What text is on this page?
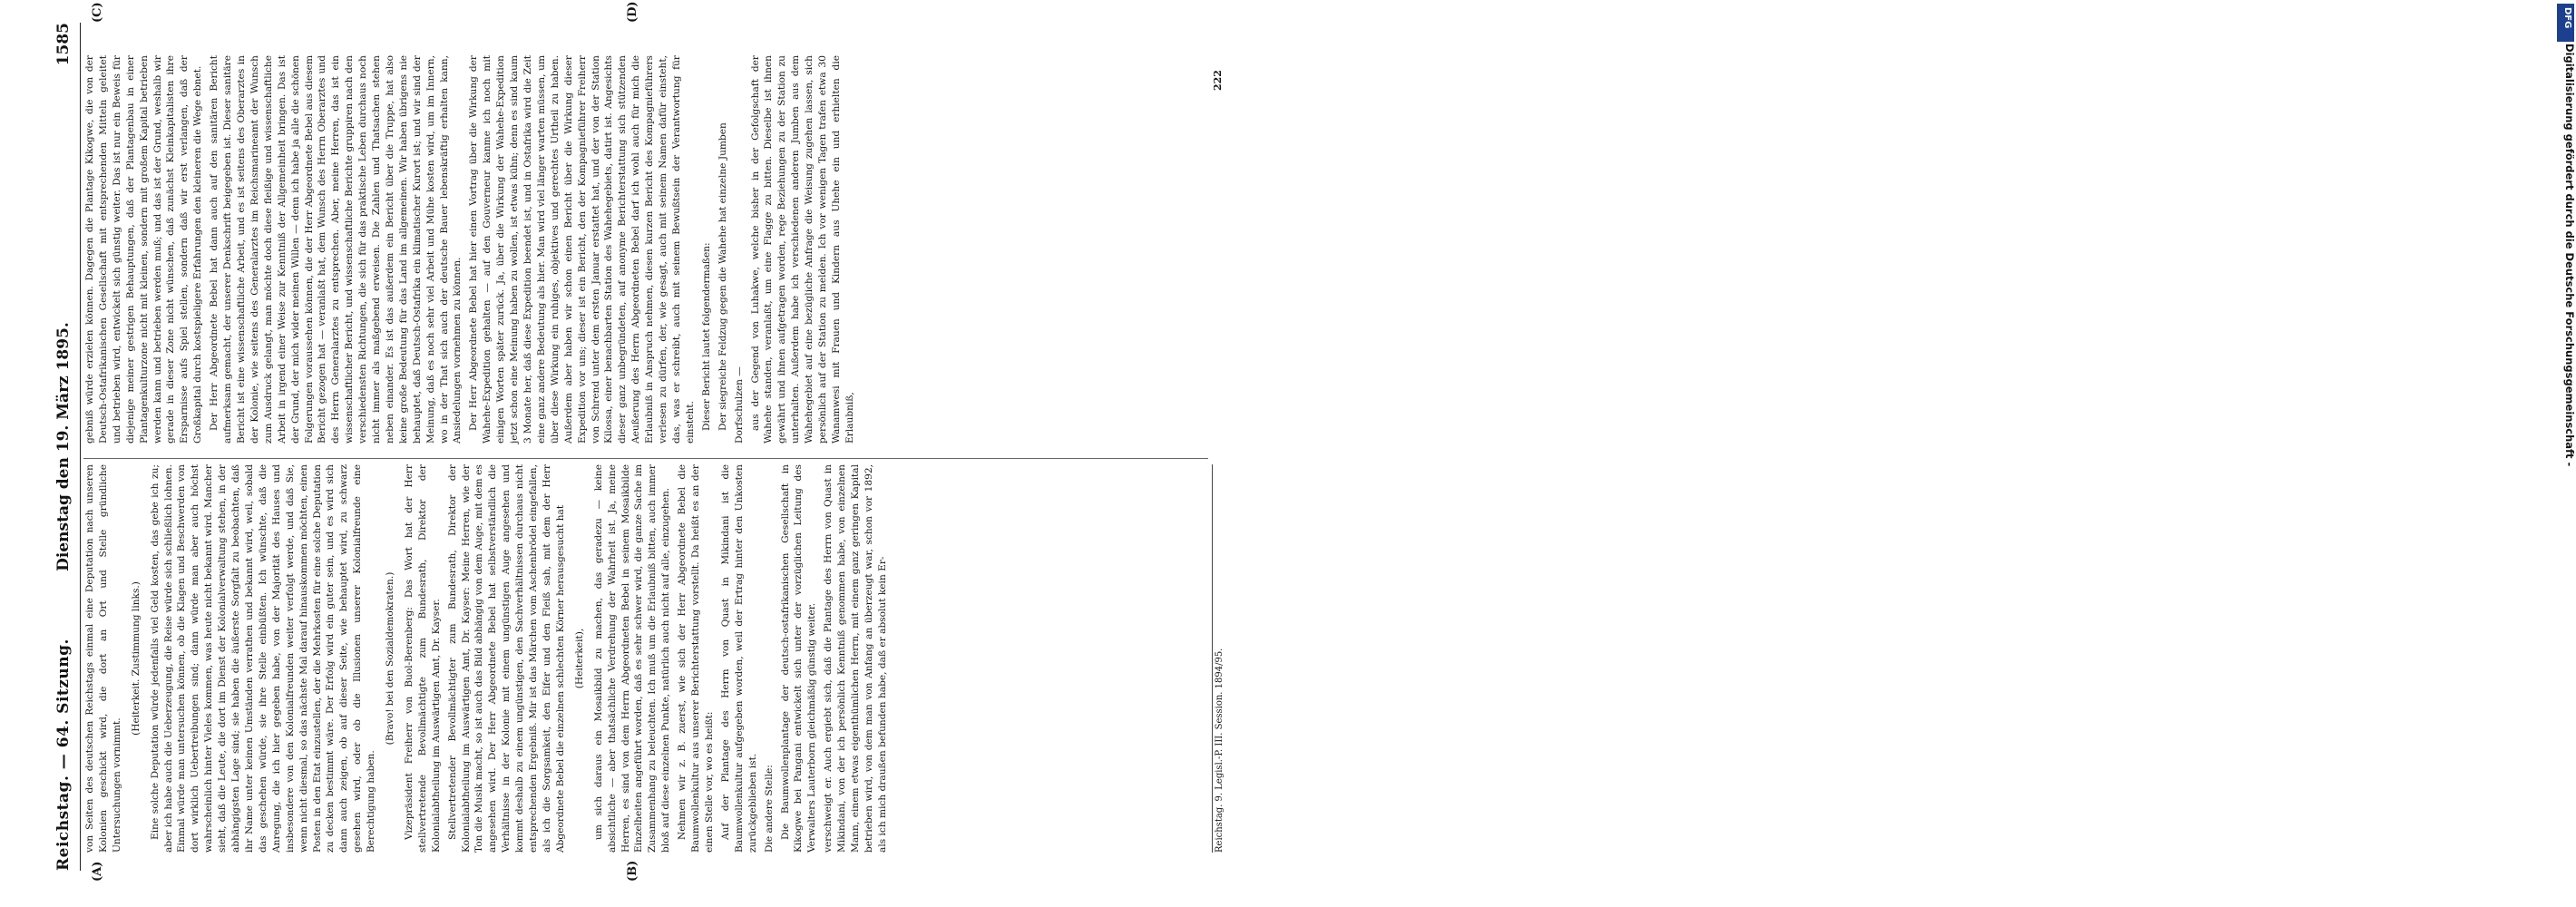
Reichstag. — 64. Sitzung.
Dienstag den 19. März 1895.
1585
(A)	(B)
(C)	(D)

von Seiten des deutschen Reichstags einmal eine Deputation nach unseren Kolonien geschickt wird, die dort an Ort und Stelle gründliche Untersuchungen vornimmt.

(Heiterkeit. Zustimmung links.) Eine solche Deputation würde jedenfalls viel Geld kosten, das gebe ich zu; aber ich habe auch die Ueberzeugung, die Reise würde sich schließlich lohnen. Einmal würde man untersuchen können, ob die Klagen und Beschwerden von dort wirklich Uebertreibungen sind; dann würde man aber auch höchst wahrscheinlich hinter Vieles kommen, was heute nicht bekannt wird. Mancher sieht, daß die Leute, die dort im Dienst der Kolonialverwaltung stehen, in der abhängigsten Lage sind; sie haben die äußerste Sorgfalt zu beobachten, daß ihr Name unter keinen Umständen verrathen und bekannt wird, weil, sobald das geschehen würde, sie ihre Stelle einbüßten. Ich wünschte, daß die Anregung, die ich hier gegeben habe, von der Majorität des Hauses und insbesondere von den Kolonialfreunden weiter verfolgt werde, und daß Sie, wenn nicht diesmal, so das nächste Mal darauf hinauskommen möchten, einen Posten in den Etat einzustellen, der die Mehrkosten für eine solche Deputation zu decken bestimmt wäre. Der Erfolg wird ein guter sein, und es wird sich dann auch zeigen, ob auf dieser Seite, wie behauptet wird, zu schwarz gesehen wird, oder ob die Illusionen unserer Kolonialfreunde eine Berechtigung haben.

(Bravo! bei den Sozialdemokraten.) Vizepräsident Freiherr von Buol-Berenberg: Das Wort hat der Herr stellvertretende Bevollmächtigte zum Bundesrath, Direktor der Kolonialabtheilung im Auswärtigen Amt, Dr. Kayser. Stellvertretender Bevollmächtigter zum Bundesrath, Direktor der Kolonialabtheilung im Auswärtigen Amt, Dr. Kayser: Meine Herren, wie der Ton die Musik macht, so ist auch das Bild abhängig von dem Auge, mit dem es angesehen wird. Der Herr Abgeordnete Bebel hat selbstverständlich die Verhältnisse in der Kolonie mit einem ungünstigen Auge angesehen und kommt deshalb zu einem ungünstigen, den Sachverhältnissen durchaus nicht entsprechenden Ergebniß. Mir ist das Märchen vom Aschenbrödel eingefallen, als ich die Sorgsamkeit, den Eifer und den Fleiß sah, mit dem der Herr Abgeordnete Bebel die einzelnen schlechten Körner herausgesucht hat (Heiterkeit), um sich daraus ein Mosaikbild zu machen, das geradezu — keine absichtliche — aber thatsächliche Verdrehung der Wahrheit ist. Ja, meine Herren, es sind von dem Herrn Abgeordneten Bebel in seinem Mosaikbilde Einzelheiten angeführt worden, daß es sehr schwer wird, die ganze Sache im Zusammenhang zu beleuchten. Ich muß um die Erlaubniß bitten, auch immer bloß auf diese einzelnen Punkte, natürlich auch nicht auf alle, einzugehen. Nehmen wir z. B. zuerst, wie sich der Herr Abgeordnete Bebel die Baumwollenkultur aus unserer Berichterstattung vorstellt. Da heißt es an der einen Stelle vor, wo es heißt: Auf der Plantage des Herrn von Quast in Mikindani ist die Baumwollenkultur aufgegeben worden, weil der Ertrag hinter den Unkosten zurückgeblieben ist. Die andere Stelle: Die Baumwollenplantage der deutsch-ostafrikanischen Gesellschaft in Kikogwe bei Pangani entwickelt sich unter der vorzüglichen Leitung des Verwalters Lauterborn gleichmäßig günstig weiter. verschweigt er. Auch ergiebt sich, daß die Plantage des Herrn von Quast in Mikindani, von der ich persönlich Kenntniß genommen habe, von einzelnen Mann, einem etwas eigenthümlichen Herrn, mit einem ganz geringen Kapital betrieben wird, von dem man von Anfang an überzeugt war, schon vor 1892, als ich mich draußen befunden habe, daß er absolut kein Er-

gebniß würde erzielen können. Dagegen die Plantage Kikogwe, die von der Deutsch-Ostafrikanischen Gesellschaft mit entsprechenden Mitteln geleitet und betrieben wird, entwickelt sich günstig weiter. Das ist nur ein Beweis für diejenige meiner gestrigen Behauptungen, daß der Plantagenbau in einer Plantagenkulturzone nicht mit kleinen, sondern mit großem Kapital betrieben werden kann und betrieben werden muß; und das ist der Grund, weshalb wir gerade in dieser Zone nicht wünschen, daß zunächst Kleinkapitalisten ihre Ersparnisse aufs Spiel stellen, sondern daß wir erst verlangen, daß der Großkapital durch kostspieligere Erfahrungen den kleineren die Wege ebnet. Der Herr Abgeordnete Bebel hat dann auch auf den sanitären Bericht aufmerksam gemacht, der unserer Denkschrift beigegeben ist. Dieser sanitäre Bericht ist eine wissenschaftliche Arbeit, und es ist seitens des Oberarztes in der Kolonie, wie seitens des Generalarztes im Reichsmarineamt der Wunsch zum Ausdruck gelangt, man möchte doch diese fleißige und wissenschaftliche Arbeit in irgend einer Weise zur Kenntniß der Allgemeinheit bringen. Das ist der Grund, der mich wider meinen Willen — denn ich habe ja alle die schönen Folgerungen voraussehen können, die der Herr Abgeordnete Bebel aus diesem Bericht gezogen hat — veranlaßt hat, dem Wunsch des Herrn Oberarztes und des Herrn Generalarztes zu entsprechen. Aber, meine Herren, das ist ein wissenschaftlicher Bericht, und wissenschaftliche Berichte gruppiren nach den verschiedensten Richtungen, die sich für das praktische Leben durchaus noch nicht immer als maßgebend erweisen. Die Zahlen und Thatsachen stehen neben einander. Es ist das außerdem ein Bericht über die Truppe, hat also keine große Bedeutung für das Land im allgemeinen. Wir haben übrigens nie behauptet, daß Deutsch-Ostafrika ein klimatischer Kurort ist; und wir sind der Meinung, daß es noch sehr viel Arbeit und Mühe kosten wird, um im Innern, wo in der That sich auch der deutsche Bauer lebenskräftig erhalten kann, Ansiedelungen vornehmen zu können. Der Herr Abgeordnete Bebel hat hier einen Vortrag über die Wirkung der Wahehe-Expedition gehalten — auf den Gouverneur kanme ich noch mit einigen Worten später zurück. Ja, über die Wirkung der Wahehe-Expedition jetzt schon eine Meinung haben zu wollen, ist etwas kühn; denn es sind kaum 3 Monate her, daß diese Expedition beendet ist, und in Ostafrika wird die Zeit eine ganz andere Bedeutung als hier. Man wird viel länger warten müssen, um über diese Wirkung ein ruhiges, objektives und gerechtes Urtheil zu haben. Außerdem aber haben wir schon einen Bericht über die Wirkung dieser Expedition vor uns; dieser ist ein Bericht, den der Kompagnieführer Freiherr von Schrend unter dem ersten Januar erstattet hat, und der von der Station Kilossa, einer benachbarten Station des Wahehegebiets, datirt ist. Angesichts dieser ganz unbegründeten, auf anonyme Berichterstattung sich stützenden Aeußerung des Herrn Abgeordneten Bebel darf ich wohl auch für mich die Erlaubniß in Anspruch nehmen, diesen kurzen Bericht des Kompagnieführers verlesen zu dürfen, der, wie gesagt, auch mit seinem Namen dafür einsteht, das, was er schreibt, auch mit seinem Bewußtsein der Verantwortung für einsteht. Dieser Bericht lautet folgendermaßen: Der siegreiche Feldzug gegen die Wahehe hat einzelne Jumben Dorfschulzen — aus der Gegend von Luhakwe, welche bisher in der Gefolgschaft der Wahehe standen, veranlaßt, um eine Flagge zu bitten. Dieselbe ist ihnen gewährt und ihnen aufgetragen worden, rege Beziehungen zu der Station zu unterhalten. Außerdem habe ich verschiedenen anderen Jumben aus dem Wahehegebiet auf eine bezügliche Anfrage die Weisung zugehen lassen, sich persönlich auf der Station zu melden. Ich vor wenigen Tagen trafen etwa 30 Wanamwesi mit Frauen und Kindern aus Uhehe ein und erhielten die Erlaubniß,

Reichstag. 9. Legisl.-P. III. Session. 1894/95.
222
DFG
Digitalisierung gefördert durch die Deutsche Forschungsgemeinschaft -
